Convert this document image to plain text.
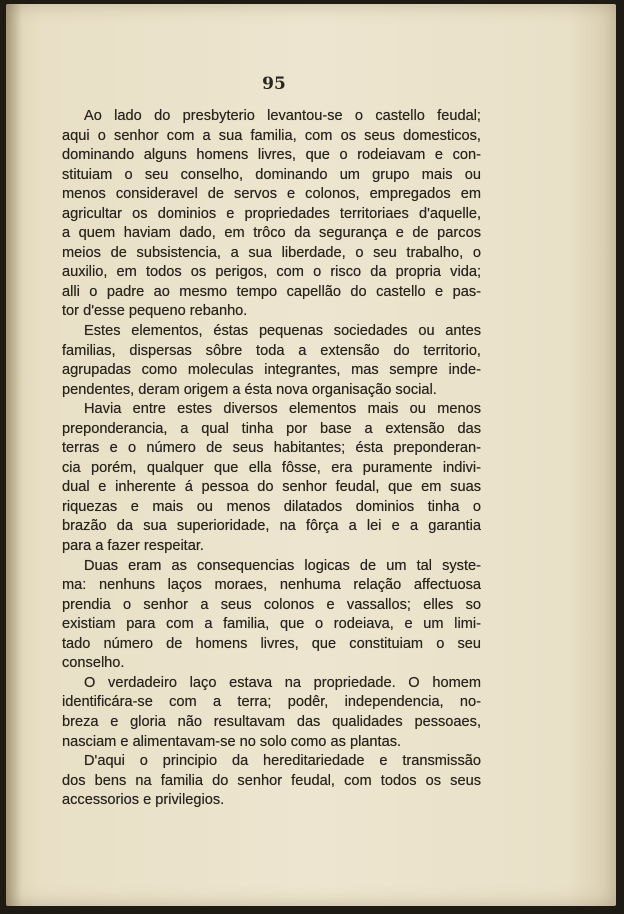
95
Ao lado do presbyterio levantou-se o castello feudal;
aqui o senhor com a sua familia, com os seus domesticos,
dominando alguns homens livres, que o rodeiavam e con-
stituiam o seu conselho, dominando um grupo mais ou
menos consideravel de servos e colonos, empregados em
agricultar os dominios e propriedades territoriaes d'aquelle,
a quem haviam dado, em trôco da segurança e de parcos
meios de subsistencia, a sua liberdade, o seu trabalho, o
auxilio, em todos os perigos, com o risco da propria vida;
alli o padre ao mesmo tempo capellão do castello e pas-
tor d'esse pequeno rebanho.
Estes elementos, éstas pequenas sociedades ou antes
familias, dispersas sôbre toda a extensão do territorio,
agrupadas como moleculas integrantes, mas sempre inde-
pendentes, deram origem a ésta nova organisação social.
Havia entre estes diversos elementos mais ou menos
preponderancia, a qual tinha por base a extensão das
terras e o número de seus habitantes; ésta preponderan-
cia porém, qualquer que ella fôsse, era puramente indivi-
dual e inherente á pessoa do senhor feudal, que em suas
riquezas e mais ou menos dilatados dominios tinha o
brazão da sua superioridade, na fôrça a lei e a garantia
para a fazer respeitar.
Duas eram as consequencias logicas de um tal syste-
ma: nenhuns laços moraes, nenhuma relação affectuosa
prendia o senhor a seus colonos e vassallos; elles so
existiam para com a familia, que o rodeiava, e um limi-
tado número de homens livres, que constituiam o seu
conselho.
O verdadeiro laço estava na propriedade. O homem
identificára-se com a terra; podêr, independencia, no-
breza e gloria não resultavam das qualidades pessoaes,
nasciam e alimentavam-se no solo como as plantas.
D'aqui o principio da hereditariedade e transmissão
dos bens na familia do senhor feudal, com todos os seus
accessorios e privilegios.
